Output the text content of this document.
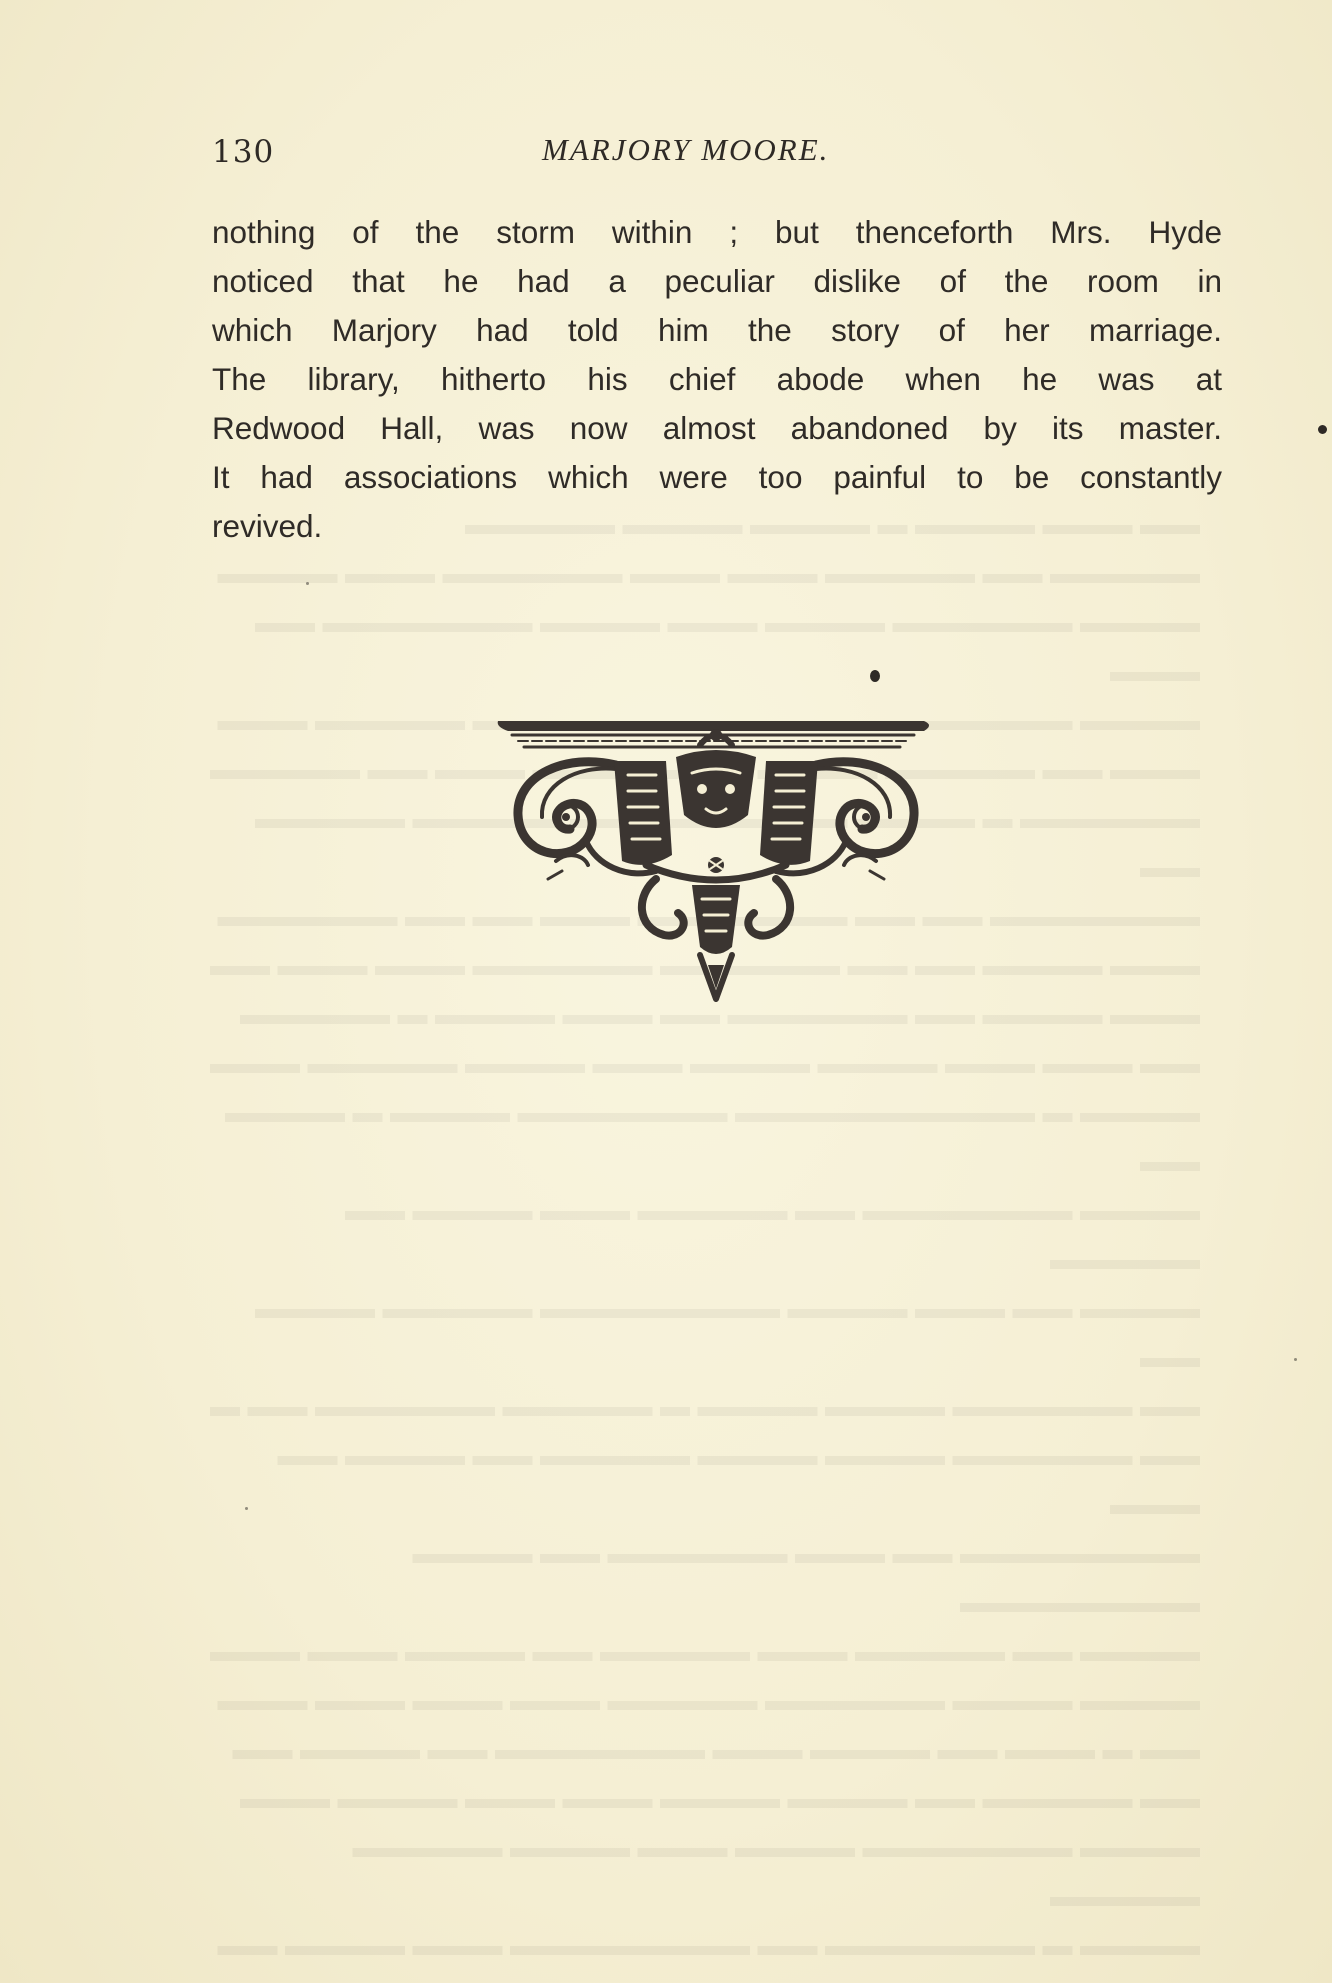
▬▬ ▬▬▬ ▬▬▬▬ ▬ ▬▬▬▬ ▬▬▬▬ ▬▬▬▬▬
▬▬▬▬▬ ▬▬ ▬▬▬▬▬ ▬▬▬ ▬▬▬ ▬▬▬▬▬▬ ▬▬▬ ▬▬▬▬
▬▬▬▬ ▬▬▬▬▬▬ ▬▬▬▬ ▬▬▬ ▬▬▬▬ ▬▬▬▬▬▬▬ ▬▬ ▬▬▬
▬▬▬▬ ▬▬▬▬▬▬▬ ▬▬▬ ▬▬▬▬ ▬▬▬ ▬▬ ▬▬▬▬▬ ▬▬▬
▬▬▬ ▬▬ ▬▬▬▬▬ ▬▬▬▬  ▬▬▬▬ ▬▬▬ ▬▬ ▬▬▬▬▬
▬▬▬▬▬▬ ▬ ▬▬▬▬  ▬▬ ▬▬▬▬▬ ▬▬▬▬▬ ▬▬
▬▬▬▬▬▬▬ ▬▬ ▬▬ ▬▬▬▬▬▬▬ ▬▬▬ ▬▬ ▬▬ ▬▬▬▬▬▬
▬▬▬ ▬▬▬▬ ▬▬ ▬▬ ▬▬▬▬▬▬ ▬▬▬▬▬▬ ▬▬▬ ▬▬▬ ▬▬
▬▬▬ ▬▬▬▬ ▬▬ ▬▬▬▬▬▬ ▬▬ ▬▬▬ ▬▬▬▬ ▬ ▬▬▬▬▬
▬▬ ▬▬▬ ▬▬▬ ▬▬▬▬ ▬▬▬▬ ▬▬▬ ▬▬▬▬ ▬▬▬▬▬ ▬▬▬
▬▬▬▬ ▬ ▬▬▬▬▬▬▬▬▬▬ ▬▬▬▬▬▬▬ ▬▬▬▬ ▬ ▬▬▬▬ ▬▬
▬▬▬▬ ▬▬▬▬▬▬▬ ▬▬ ▬▬▬▬▬ ▬▬▬ ▬▬▬▬ ▬▬ ▬▬▬▬▬
▬▬▬▬ ▬▬ ▬▬▬ ▬▬▬▬ ▬▬▬▬▬▬▬▬ ▬▬▬▬▬ ▬▬▬▬ ▬▬
▬▬ ▬▬▬▬▬▬ ▬▬▬▬ ▬▬▬▬ ▬ ▬▬▬▬▬ ▬▬▬▬▬▬ ▬▬ ▬
▬▬ ▬▬▬▬▬▬ ▬▬▬▬ ▬▬▬▬ ▬▬▬▬▬ ▬▬ ▬▬▬▬ ▬▬ ▬▬▬
▬▬▬▬▬▬▬▬ ▬▬ ▬▬▬ ▬▬▬▬▬▬ ▬▬ ▬▬▬▬ ▬▬▬▬▬▬▬▬
▬▬▬▬ ▬▬ ▬▬▬▬▬ ▬▬▬ ▬▬▬▬▬ ▬▬ ▬▬▬▬ ▬▬▬ ▬▬▬
▬▬▬▬ ▬▬▬▬ ▬▬▬▬▬▬ ▬▬▬▬▬ ▬▬▬ ▬▬▬ ▬▬▬ ▬▬▬
▬▬ ▬ ▬▬▬ ▬▬ ▬▬▬▬ ▬▬▬ ▬▬▬▬▬▬▬ ▬▬ ▬▬▬▬ ▬▬
▬▬ ▬▬▬▬▬ ▬▬ ▬▬▬▬ ▬▬▬▬ ▬▬▬ ▬▬▬ ▬▬▬▬ ▬▬▬
▬▬▬▬ ▬▬▬▬▬▬▬ ▬▬▬▬ ▬▬▬ ▬▬▬▬ ▬▬▬▬▬ ▬▬▬▬▬
▬▬▬▬ ▬ ▬▬▬▬▬▬▬ ▬▬ ▬▬▬▬▬▬▬▬ ▬▬▬ ▬▬▬▬ ▬▬
130	MARJORY MOORE.
nothing of the storm within ; but thenceforth Mrs. Hyde
noticed that he had a peculiar dislike of the room in
which Marjory had told him the story of her marriage.
The library, hitherto his chief abode when he was at
Redwood Hall, was now almost abandoned by its master.
It had associations which were too painful to be constantly
revived.
